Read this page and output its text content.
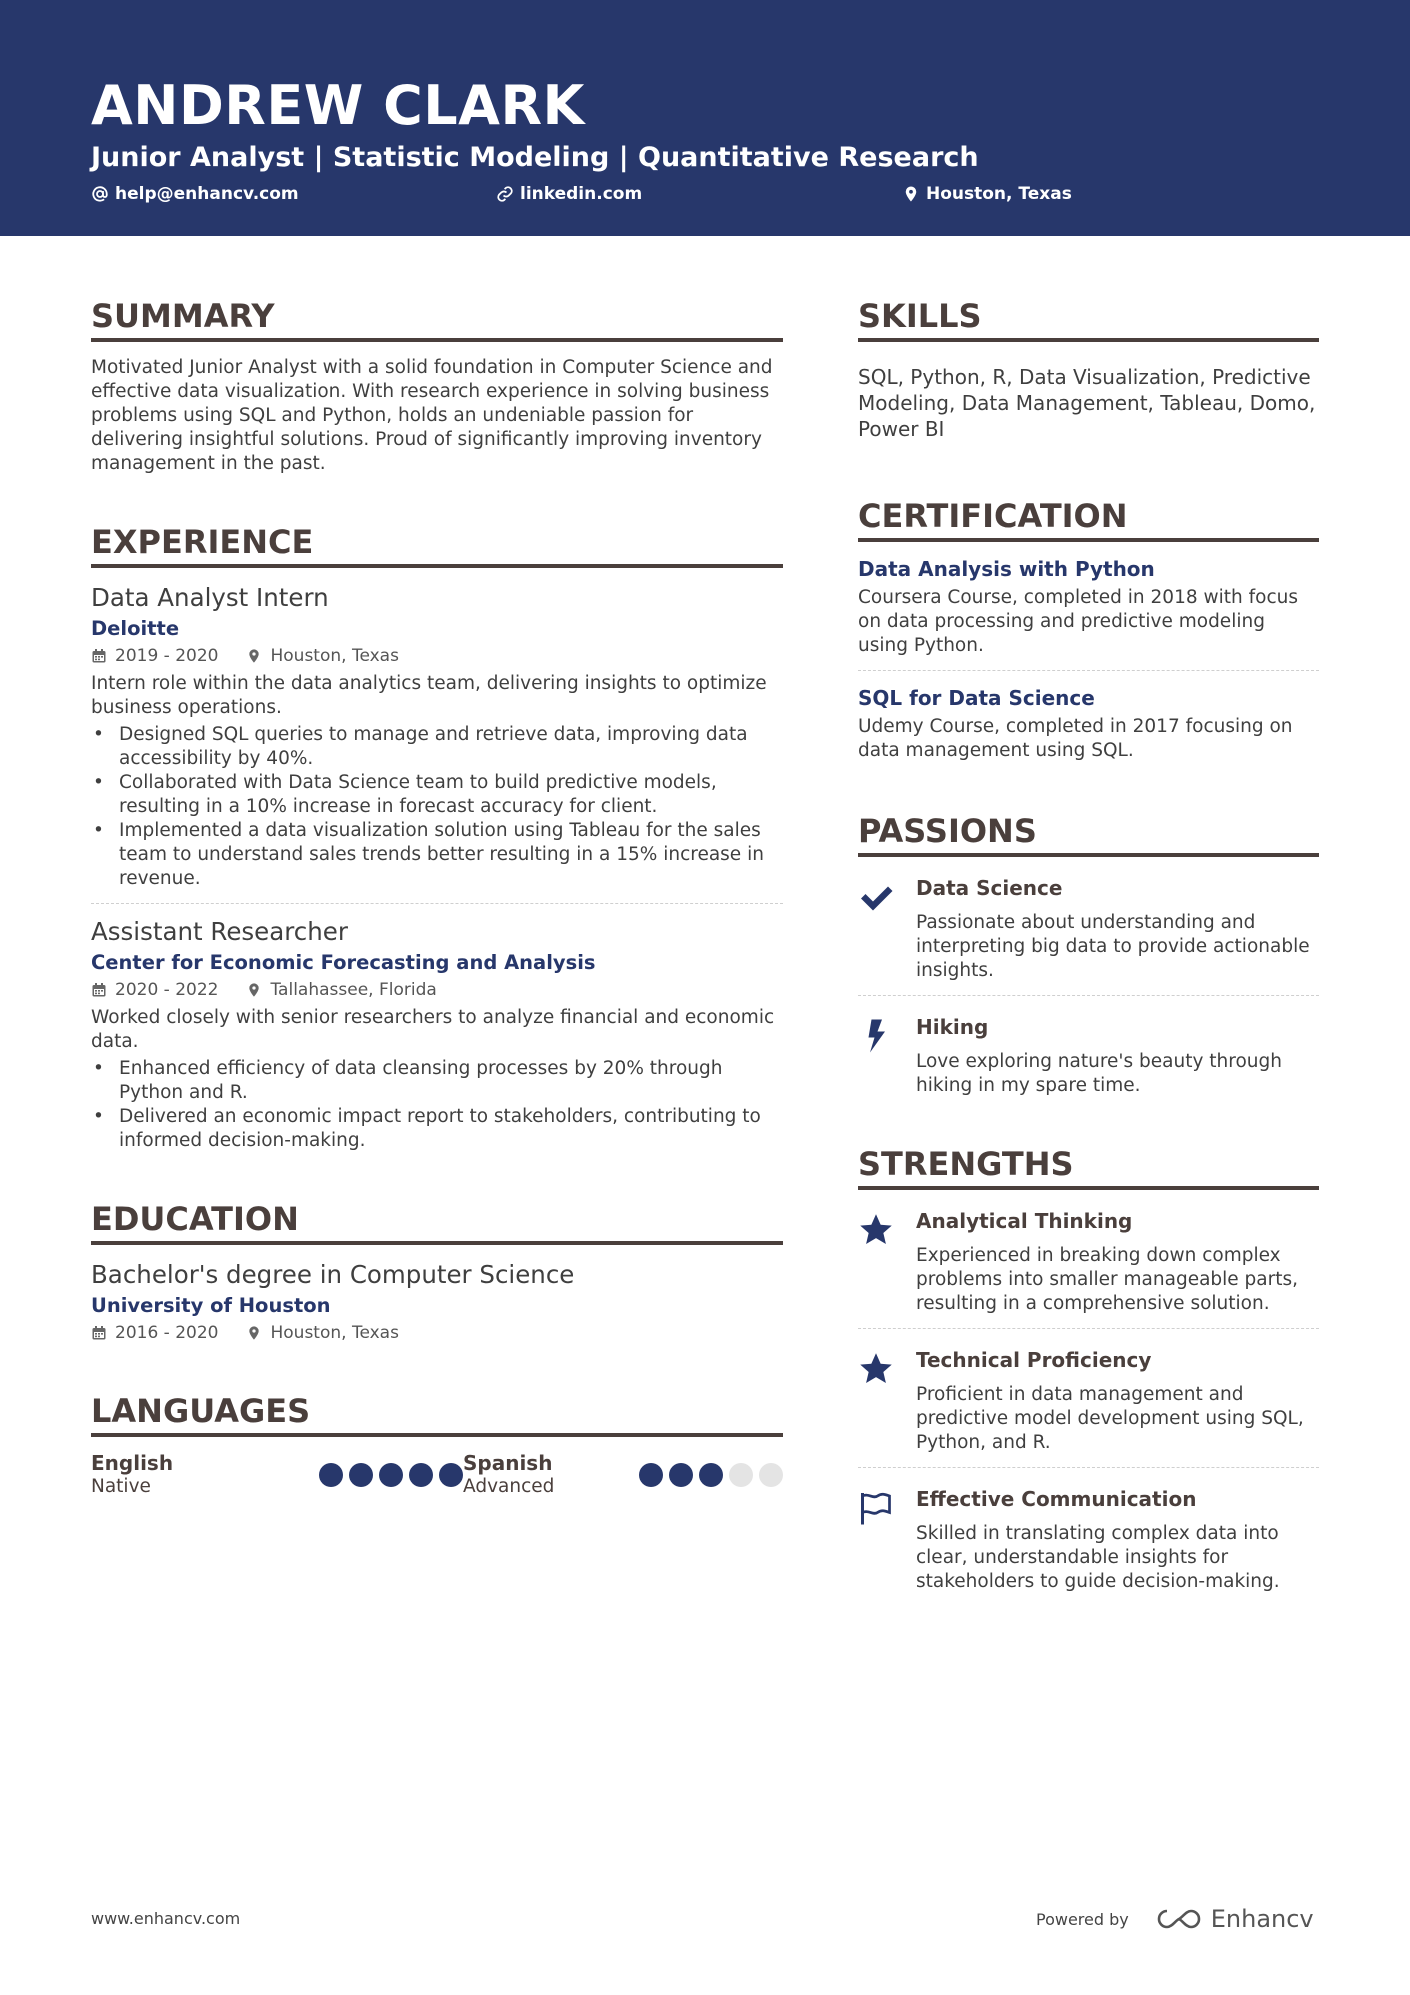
ANDREW CLARK
Junior Analyst | Statistic Modeling | Quantitative Research
help@enhancv.com	linkedin.com	Houston, Texas
SUMMARY
Motivated Junior Analyst with a solid foundation in Computer Science and effective data visualization. With research experience in solving business problems using SQL and Python, holds an undeniable passion for delivering insightful solutions. Proud of significantly improving inventory management in the past.
EXPERIENCE
Data Analyst Intern
Deloitte
2019 - 2020	Houston, Texas
Intern role within the data analytics team, delivering insights to optimize business operations.
• Designed SQL queries to manage and retrieve data, improving data accessibility by 40%.
• Collaborated with Data Science team to build predictive models, resulting in a 10% increase in forecast accuracy for client.
• Implemented a data visualization solution using Tableau for the sales team to understand sales trends better resulting in a 15% increase in revenue.
Assistant Researcher
Center for Economic Forecasting and Analysis
2020 - 2022	Tallahassee, Florida
Worked closely with senior researchers to analyze financial and economic data.
• Enhanced efficiency of data cleansing processes by 20% through Python and R.
• Delivered an economic impact report to stakeholders, contributing to informed decision-making.
EDUCATION
Bachelor's degree in Computer Science
University of Houston
2016 - 2020	Houston, Texas
LANGUAGES
English
Native
Spanish
Advanced
SKILLS
SQL, Python, R, Data Visualization, Predictive Modeling, Data Management, Tableau, Domo, Power BI
CERTIFICATION
Data Analysis with Python
Coursera Course, completed in 2018 with focus on data processing and predictive modeling using Python.
SQL for Data Science
Udemy Course, completed in 2017 focusing on data management using SQL.
PASSIONS
Data Science
Passionate about understanding and interpreting big data to provide actionable insights.
Hiking
Love exploring nature's beauty through hiking in my spare time.
STRENGTHS
Analytical Thinking
Experienced in breaking down complex problems into smaller manageable parts, resulting in a comprehensive solution.
Technical Proficiency
Proficient in data management and predictive model development using SQL, Python, and R.
Effective Communication
Skilled in translating complex data into clear, understandable insights for stakeholders to guide decision-making.
www.enhancv.com	Powered by	Enhancv
